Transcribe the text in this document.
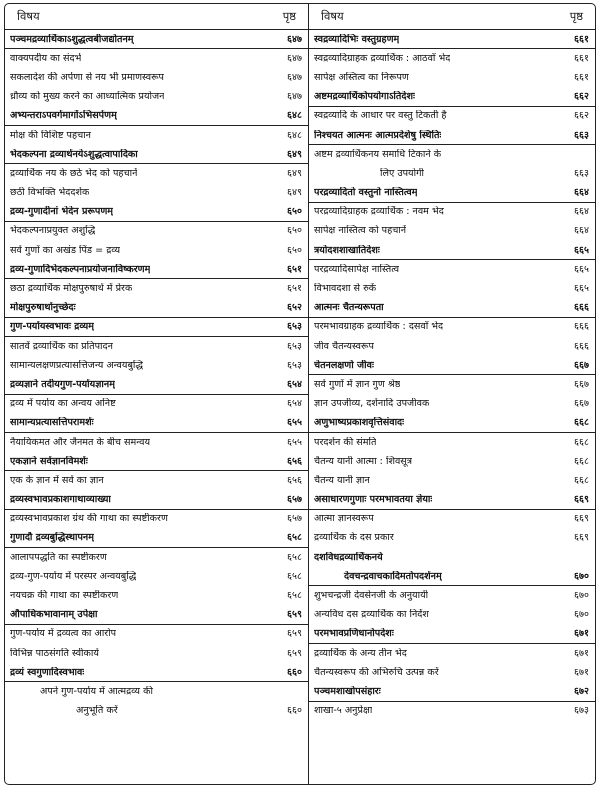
विषय	पृष्ठ
पञ्चमद्रव्यार्थिकाऽशुद्धत्वबीजद्योतनम्	६४७
वाक्यपदीय का संदर्भ	६४७
सकलादेश की अर्पणा से नय भी प्रमाणस्वरूप	६४७
ध्रौव्य को मुख्य करने का आध्यात्मिक प्रयोजन	६४७
अभ्यन्तराऽपवर्गमार्गोऽभिसर्पणम्	६४८
मोक्ष की विशिष्ट पहचान	६४८
भेदकल्पना द्रव्यार्थनयेऽशुद्धत्वापादिका	६४९
द्रव्यार्थिक नय के छठे भेद को पहचानें	६४९
छठी विभक्ति भेददर्शक	६४९
द्रव्य-गुणादीनां भेदेन प्ररूपणम्	६५०
भेदकल्पनाप्रयुक्त अशुद्धि	६५०
सर्व गुणों का अखंड पिंड = द्रव्य	६५०
द्रव्य-गुणादिभेदकल्पनाप्रयोजनाविष्करणम्	६५१
छठा द्रव्यार्थिक मोक्षपुरुषार्थ में प्रेरक	६५१
मोक्षपुरुषार्थानुच्छेदः	६५२
गुण-पर्यायस्वभावः द्रव्यम्	६५३
सातवें द्रव्यार्थिक का प्रतिपादन	६५३
सामान्यलक्षणप्रत्यासत्तिजन्य अन्वयबुद्धि	६५३
द्रव्यज्ञाने तदीयगुण-पर्यायज्ञानम्	६५४
द्रव्य में पर्याय का अन्वय अनिष्ट	६५४
सामान्यप्रत्यासत्तिपरामर्शः	६५५
नैयायिकमत और जैनमत के बीच समन्वय	६५५
एकज्ञाने सर्वज्ञानविमर्शः	६५६
एक के ज्ञान में सर्व का ज्ञान	६५६
द्रव्यस्वभावप्रकाशगाथाव्याख्या	६५७
द्रव्यस्वभावप्रकाश ग्रंथ की गाथा का स्पष्टीकरण	६५७
गुणादौ द्रव्यबुद्धिस्थापनम्	६५८
आलापपद्धति का स्पष्टीकरण	६५८
द्रव्य-गुण-पर्याय में परस्पर अन्वयबुद्धि	६५८
नयचक्र की गाथा का स्पष्टीकरण	६५८
औपाधिकभावानाम् उपेक्षा	६५९
गुण-पर्याय में द्रव्यत्व का आरोप	६५९
विभिन्न पाठसंगति स्वीकार्य	६५९
द्रव्यं स्वगुणादिस्वभावः	६६०
अपने गुण-पर्याय में आत्मद्रव्य की
अनुभूति करें	६६०
विषय	पृष्ठ
स्वद्रव्यादिभिः वस्तुग्रहणम्	६६१
स्वद्रव्यादिग्राहक द्रव्यार्थिक : आठवाँ भेद	६६१
सापेक्ष अस्तित्व का निरूपण	६६१
अष्टमद्रव्यार्थिकोपयोगाऽतिदेशः	६६२
स्वद्रव्यादि के आधार पर वस्तु टिकती है	६६२
निश्चयत आत्मनः आत्मप्रदेशेषु स्थितिः	६६३
अष्टम द्रव्यार्थिकनय समाधि टिकाने के
लिए उपयोगी	६६३
परद्रव्यादितो वस्तुनो नास्तित्वम्	६६४
परद्रव्यादिग्राहक द्रव्यार्थिक : नवम भेद	६६४
सापेक्ष नास्तित्व को पहचानें	६६४
त्रयोदशशाखातिदेशः	६६५
परद्रव्यादिसापेक्ष नास्तित्व	६६५
विभावदशा से रुकें	६६५
आत्मनः चैतन्यरूपता	६६६
परमभावग्राहक द्रव्यार्थिक : दसवाँ भेद	६६६
जीव चैतन्यस्वरूप	६६६
चेतनलक्षणो जीवः	६६७
सर्व गुणों में ज्ञान गुण श्रेष्ठ	६६७
ज्ञान उपजीव्य, दर्शनादि उपजीवक	६६७
अणुभाष्यप्रकाशवृत्तिसंवादः	६६८
परदर्शन की संमति	६६८
चैतन्य यानी आत्मा : शिवसूत्र	६६८
चैतन्य यानी ज्ञान	६६८
असाधारणगुणाः परमभावतया ज्ञेयाः	६६९
आत्मा ज्ञानस्वरूप	६६९
द्रव्यार्थिक के दस प्रकार	६६९
दशविधद्रव्यार्थिकनये
देवचन्द्रवाचकादिमतोपदर्शनम्	६७०
शुभचन्द्रजी देवसेनजी के अनुयायी	६७०
अन्यविध दस द्रव्यार्थिक का निर्देश	६७०
परमभावप्रणिधानोपदेशः	६७१
द्रव्यार्थिक के अन्य तीन भेद	६७१
चैतन्यस्वरूप की अभिरुचि उत्पन्न करें	६७१
पञ्चमशाखोपसंहारः	६७२
शाखा-५ अनुप्रेक्षा	६७३
